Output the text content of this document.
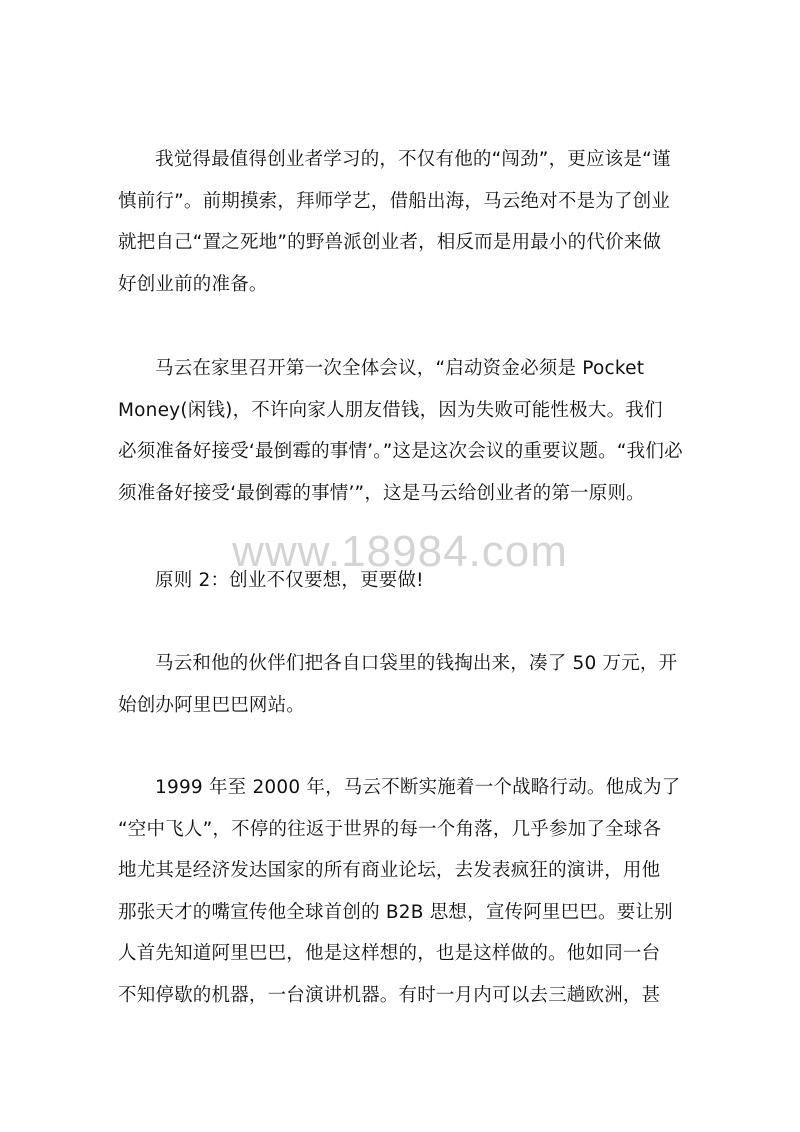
www.18984.com
我觉得最值得创业者学习的，不仅有他的“闯劲”，更应该是“谨
慎前行”。前期摸索，拜师学艺，借船出海，马云绝对不是为了创业
就把自己“置之死地”的野兽派创业者，相反而是用最小的代价来做
好创业前的准备。
马云在家里召开第一次全体会议，“启动资金必须是 Pocket
Money(闲钱)，不许向家人朋友借钱，因为失败可能性极大。我们
必须准备好接受‘最倒霉的事情’。”这是这次会议的重要议题。“我们必
须准备好接受‘最倒霉的事情’”，这是马云给创业者的第一原则。
原则 2：创业不仅要想，更要做!
马云和他的伙伴们把各自口袋里的钱掏出来，凑了 50 万元，开
始创办阿里巴巴网站。
1999 年至 2000 年，马云不断实施着一个战略行动。他成为了
“空中飞人”，不停的往返于世界的每一个角落，几乎参加了全球各
地尤其是经济发达国家的所有商业论坛，去发表疯狂的演讲，用他
那张天才的嘴宣传他全球首创的 B2B 思想，宣传阿里巴巴。要让别
人首先知道阿里巴巴，他是这样想的，也是这样做的。他如同一台
不知停歇的机器，一台演讲机器。有时一月内可以去三趟欧洲，甚
